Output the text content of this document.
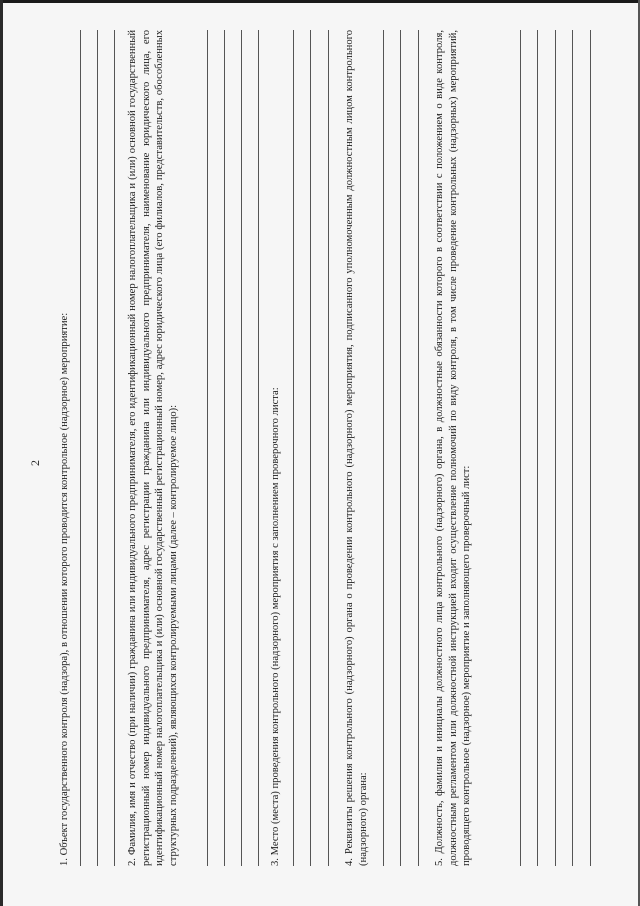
2 1. Объект государственного контроля (надзора), в отношении которого проводится контрольное (надзорное) мероприятие:	2. Фамилия, имя и отчество (при наличии) гражданина или индивидуального предпринимателя, его идентификационный номер налогоплательщика и (или) основной государственный регистрационный номер индивидуального предпринимателя, адрес регистрации гражданина или индивидуального предпринимателя, наименование юридического лица, его идентификационный номер налогоплательщика и (или) основной государственный регистрационный номер, адрес юридического лица (его филиалов, представительств, обособленных структурных подразделений), являющихся контролируемыми лицами (далее – контролируемое лицо):	3. Место (места) проведения контрольного (надзорного) мероприятия с заполнением проверочного листа:	4. Реквизиты решения контрольного (надзорного) органа о проведении контрольного (надзорного) мероприятия, подписанного уполномоченным должностным лицом контрольного (надзорного) органа:	5. Должность, фамилия и инициалы должностного лица контрольного (надзорного) органа, в должностные обязанности которого в соответствии с положением о виде контроля, должностным регламентом или должностной инструкцией входит осуществление полномочий по виду контроля, в том числе проведение контрольных (надзорных) мероприятий, проводящего контрольное (надзорное) мероприятие и заполняющего проверочный лист:
